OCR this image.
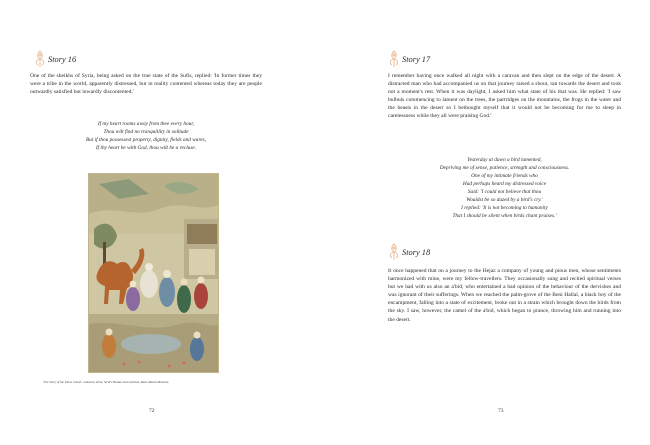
Story 16

One of the sheikhs of Syria, being asked on the true state of the Sufis, replied: 'In former times they were a tribe in the world, apparently distressed, but in reality contented whereas today they are people outwardly satisfied but inwardly discontented.'

If my heart roams away from thee every hour,
Thou wilt find no tranquillity in solitude
But if thou possessest property, dignity, fields and wares,
If thy heart be with God, thou wilt be a recluse.
'The Story of the Pious Camel', unknown artist, Sa'di's Bustan and Gulistan, Reza Abbasi Museum.
72
Story 17

I remember having once walked all night with a caravan and then slept on the edge of the desert. A distracted man who had accompanied us on that journey raised a shout, ran towards the desert and took not a moment's rest. When it was daylight, I asked him what state of his that was. He replied: 'I saw bulbuls commencing to lament on the trees, the partridges on the mountains, the frogs in the water and the beasts in the desert so I bethought myself that it would not be becoming for me to sleep in carelessness while they all were praising God.'

Yesterday at dawn a bird lamented,
Depriving me of sense, patience, strength and consciousness.
One of my intimate friends who
Had perhaps heard my distressed voice
Said: 'I could not believe that thou
Wouldst be so dazed by a bird's cry.'
I replied: 'It is not becoming to humanity
That I should be silent when birds chant praises.'
Story 18

It once happened that on a journey to the Hejaz a company of young and pious men, whose sentiments harmonized with mine, were my fellow-travellers. They occasionally sung and recited spiritual verses but we had with us also an a'bid, who entertained a bad opinion of the behaviour of the dervishes and was ignorant of their sufferings. When we reached the palm-grove of the Beni Hallal, a black boy of the encampment, falling into a state of excitement, broke out in a strain which brought down the birds from the sky. I saw, however, the camel of the a'bid, which began to prance, throwing him and running into the desert.

73
